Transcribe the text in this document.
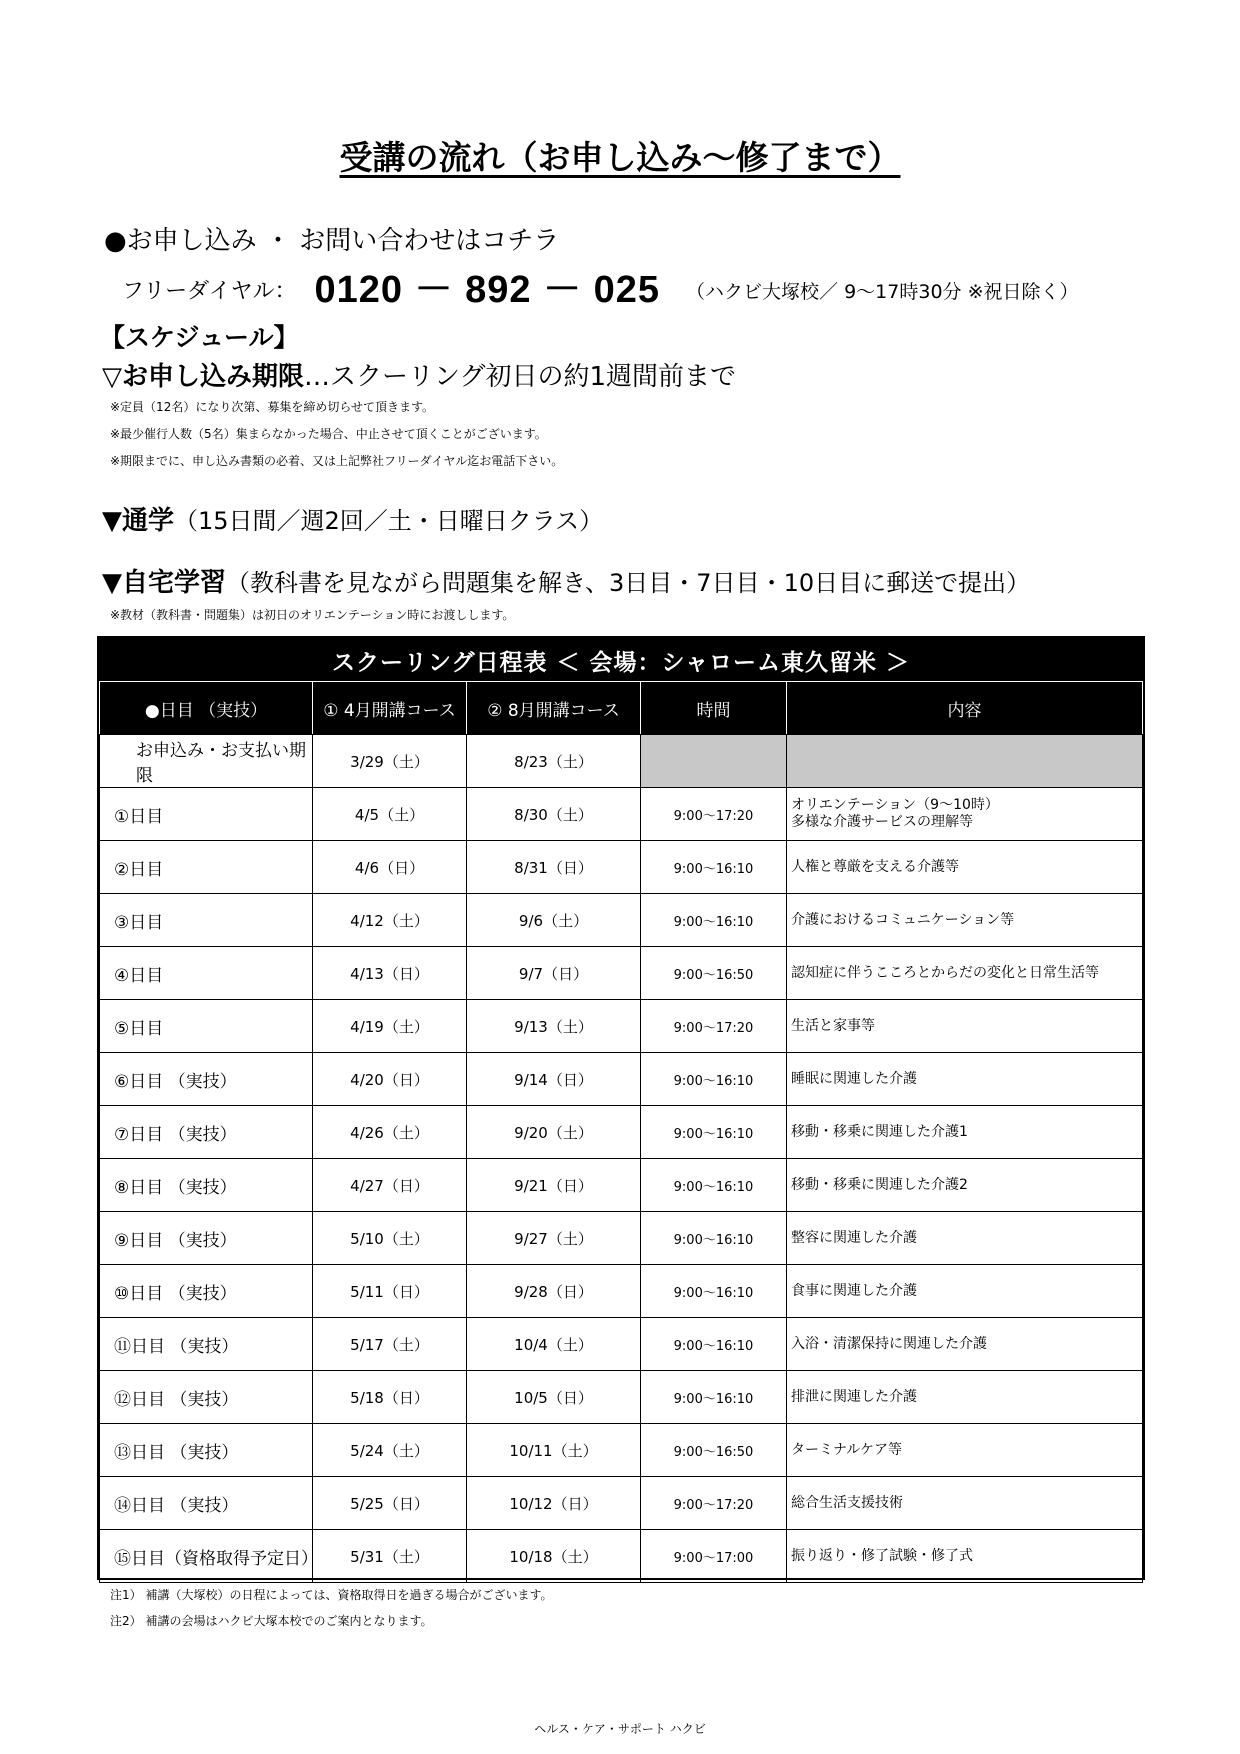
受講の流れ（お申し込み～修了まで）
●お申し込み ・ お問い合わせはコチラ
フリーダイヤル： 0120 － 892 － 025 （ハクビ大塚校／ 9～17時30分 ※祝日除く）
【スケジュール】
▽お申し込み期限…スクーリング初日の約1週間前まで
※定員（12名）になり次第、募集を締め切らせて頂きます。
※最少催行人数（5名）集まらなかった場合、中止させて頂くことがございます。
※期限までに、申し込み書類の必着、又は上記弊社フリーダイヤル迄お電話下さい。
▼通学（15日間／週2回／土・日曜日クラス）
▼自宅学習（教科書を見ながら問題集を解き、3日目・7日目・10日目に郵送で提出）
※教材（教科書・問題集）は初日のオリエンテーション時にお渡しします。
スクーリング日程表 ＜ 会場：シャローム東久留米 ＞				
●日目 （実技）	① 4月開講コース	② 8月開講コース	時間	内容
お申込み・お支払い期限	3/29（土）	8/23（土）		
①日目	4/5（土）	8/30（土）	9:00～17:20	オリエンテーション（9～10時）
多様な介護サービスの理解等
②日目	4/6（日）	8/31（日）	9:00～16:10	人権と尊厳を支える介護等
③日目	4/12（土）	9/6（土）	9:00～16:10	介護におけるコミュニケーション等
④日目	4/13（日）	9/7（日）	9:00～16:50	認知症に伴うこころとからだの変化と日常生活等
⑤日目	4/19（土）	9/13（土）	9:00～17:20	生活と家事等
⑥日目 （実技）	4/20（日）	9/14（日）	9:00～16:10	睡眠に関連した介護
⑦日目 （実技）	4/26（土）	9/20（土）	9:00～16:10	移動・移乗に関連した介護1
⑧日目 （実技）	4/27（日）	9/21（日）	9:00～16:10	移動・移乗に関連した介護2
⑨日目 （実技）	5/10（土）	9/27（土）	9:00～16:10	整容に関連した介護
⑩日目 （実技）	5/11（日）	9/28（日）	9:00～16:10	食事に関連した介護
⑪日目 （実技）	5/17（土）	10/4（土）	9:00～16:10	入浴・清潔保持に関連した介護
⑫日目 （実技）	5/18（日）	10/5（日）	9:00～16:10	排泄に関連した介護
⑬日目 （実技）	5/24（土）	10/11（土）	9:00～16:50	ターミナルケア等
⑭日目 （実技）	5/25（日）	10/12（日）	9:00～17:20	総合生活支援技術
⑮日目（資格取得予定日）	5/31（土）	10/18（土）	9:00～17:00	振り返り・修了試験・修了式
注1） 補講（大塚校）の日程によっては、資格取得日を過ぎる場合がございます。
注2） 補講の会場はハクビ大塚本校でのご案内となります。
ヘルス・ケア・サポート ハクビ
